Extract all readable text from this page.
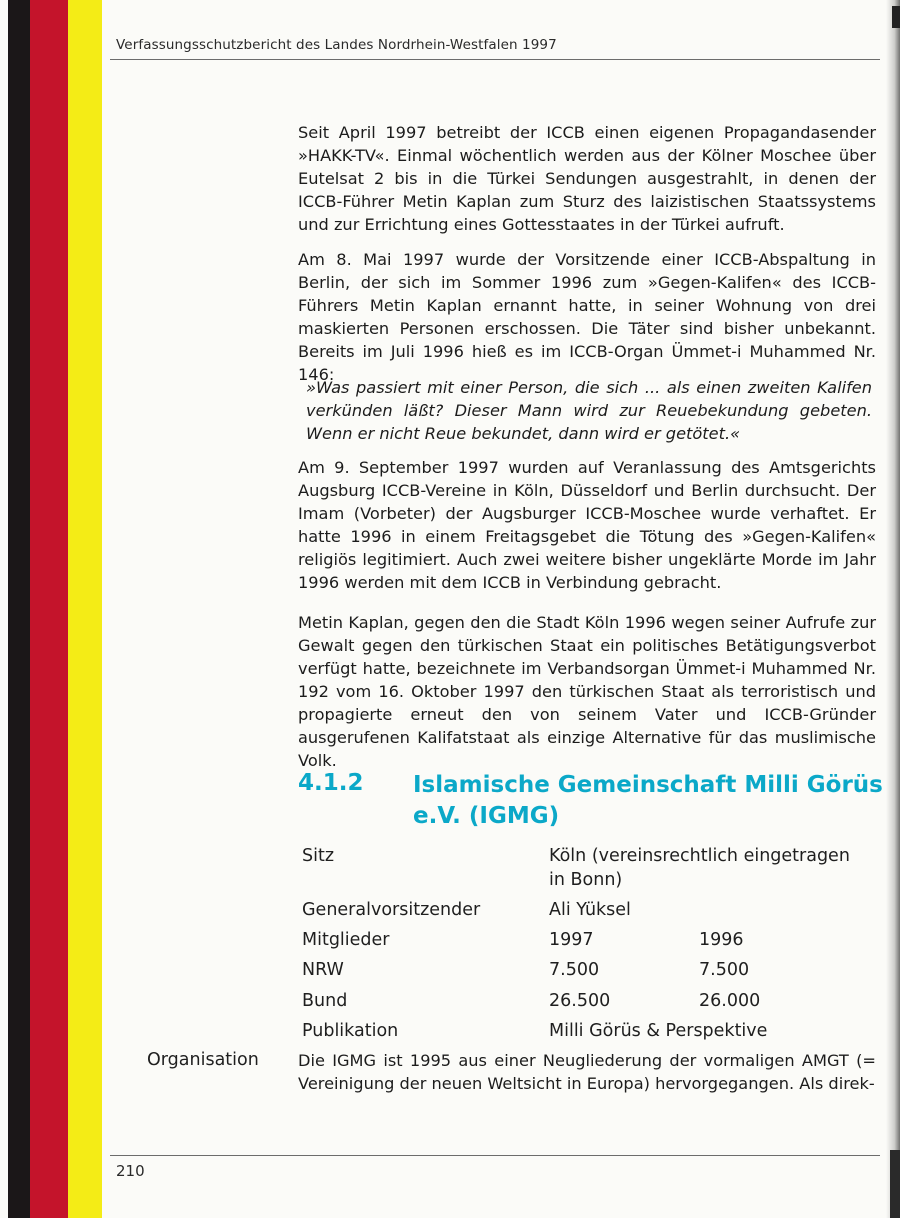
Verfassungsschutzbericht des Landes Nordrhein-Westfalen 1997
Seit April 1997 betreibt der ICCB einen eigenen Propagandasender »HAKK-TV«. Einmal wöchentlich werden aus der Kölner Moschee über Eutelsat 2 bis in die Türkei Sendungen ausgestrahlt, in denen der ICCB-Führer Metin Kaplan zum Sturz des laizistischen Staatssystems und zur Errichtung eines Gottesstaates in der Türkei aufruft.
Am 8. Mai 1997 wurde der Vorsitzende einer ICCB-Abspaltung in Berlin, der sich im Sommer 1996 zum »Gegen-Kalifen« des ICCB-Führers Metin Kaplan ernannt hatte, in seiner Wohnung von drei maskierten Personen erschossen. Die Täter sind bisher unbekannt. Bereits im Juli 1996 hieß es im ICCB-Organ Ümmet-i Muhammed Nr. 146:
»Was passiert mit einer Person, die sich ... als einen zweiten Kalifen verkünden läßt? Dieser Mann wird zur Reuebekundung gebeten. Wenn er nicht Reue bekundet, dann wird er getötet.«
Am 9. September 1997 wurden auf Veranlassung des Amtsgerichts Augsburg ICCB-Vereine in Köln, Düsseldorf und Berlin durchsucht. Der Imam (Vorbeter) der Augsburger ICCB-Moschee wurde verhaftet. Er hatte 1996 in einem Freitagsgebet die Tötung des »Gegen-Kalifen« religiös legitimiert. Auch zwei weitere bisher ungeklärte Morde im Jahr 1996 werden mit dem ICCB in Verbindung gebracht.
Metin Kaplan, gegen den die Stadt Köln 1996 wegen seiner Aufrufe zur Gewalt gegen den türkischen Staat ein politisches Betätigungsverbot verfügt hatte, bezeichnete im Verbandsorgan Ümmet-i Muhammed Nr. 192 vom 16. Oktober 1997 den türkischen Staat als terroristisch und propagierte erneut den von seinem Vater und ICCB-Gründer ausgerufenen Kalifatstaat als einzige Alternative für das muslimische Volk.
4.1.2 Islamische Gemeinschaft Milli Görüs e.V. (IGMG)
Sitz	Köln (vereinsrechtlich eingetragen in Bonn)
Generalvorsitzender	Ali Yüksel
Mitglieder	1997	1996
NRW	7.500	7.500
Bund	26.500	26.000
Publikation	Milli Görüs & Perspektive
Organisation Die IGMG ist 1995 aus einer Neugliederung der vormaligen AMGT (= Vereinigung der neuen Weltsicht in Europa) hervorgegangen. Als direk-
210
